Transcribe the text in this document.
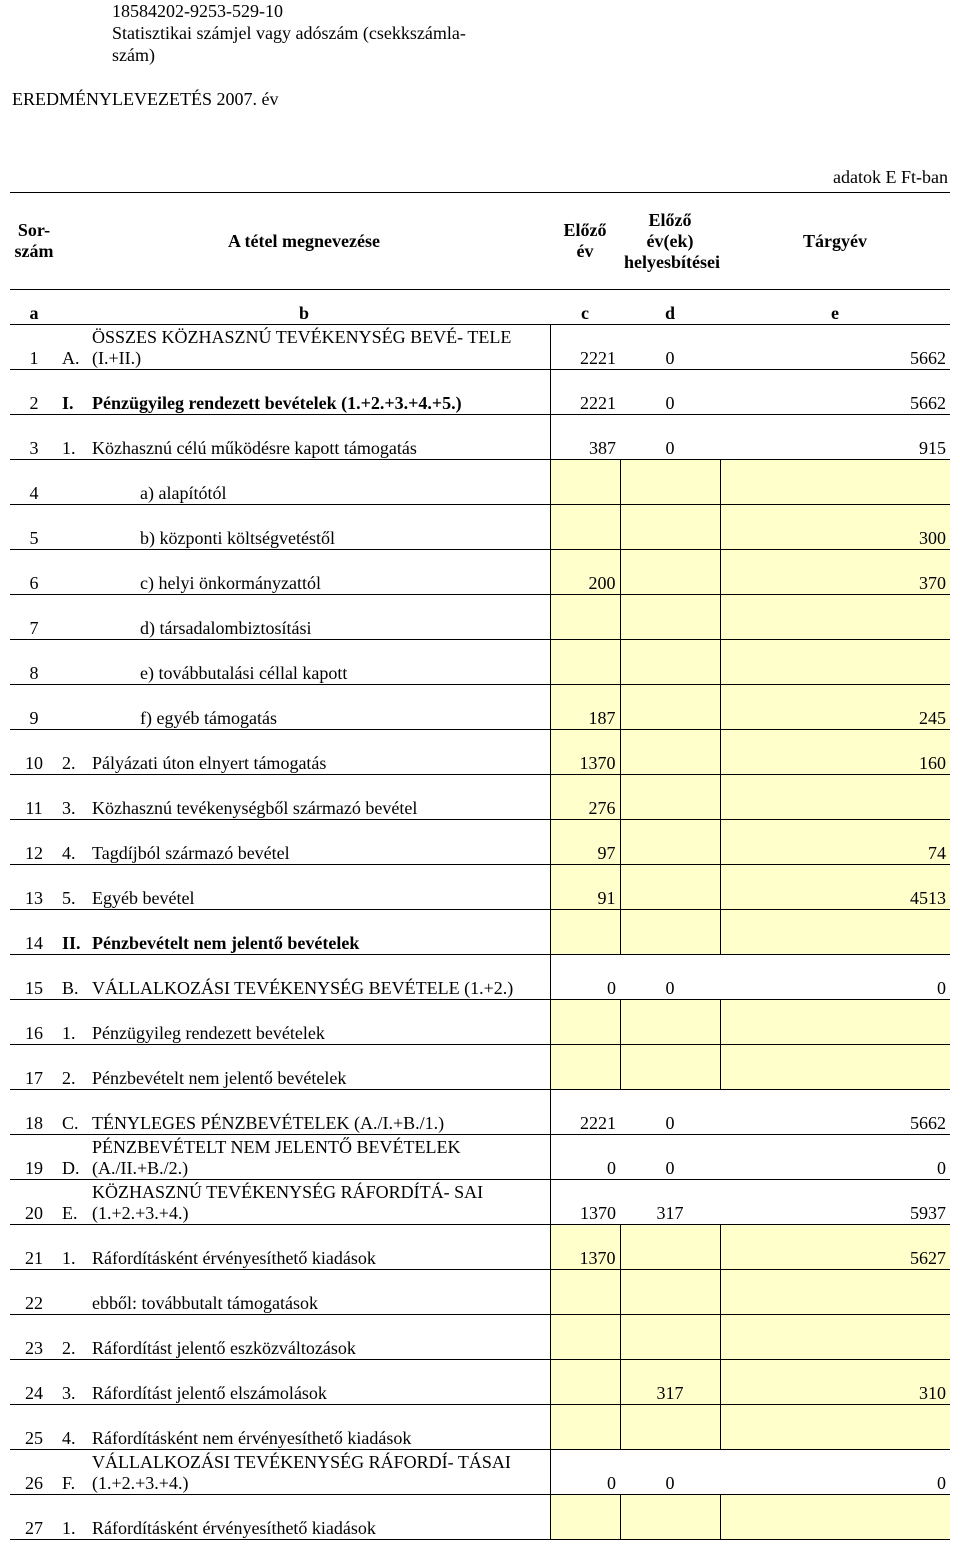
18584202-9253-529-10
Statisztikai számjel vagy adószám (csekkszámla-
szám)
EREDMÉNYLEVEZETÉS 2007. év
adatok E Ft-ban
Sor-szám	A tétel megnevezése	Előző év	Előző év(ek) helyesbítései	Tárgyév
a	b	c	d	e
1	A.ÖSSZES KÖZHASZNÚ TEVÉKENYSÉG BEVÉ- TELE (I.+II.)	2221	0	5662
2	I. Pénzügyileg rendezett bevételek (1.+2.+3.+4.+5.)	2221	0	5662
3	1. Közhasznú célú működésre kapott támogatás	387	0	915
4	a) alapítótól			
5	b) központi költségvetéstől			300
6	c) helyi önkormányzattól	200		370
7	d) társadalombiztosítási			
8	e) továbbutalási céllal kapott			
9	f) egyéb támogatás	187		245
10	2. Pályázati úton elnyert támogatás	1370		160
11	3. Közhasznú tevékenységből származó bevétel	276		
12	4. Tagdíjból származó bevétel	97		74
13	5. Egyéb bevétel	91		4513
14	II. Pénzbevételt nem jelentő bevételek			
15	B. VÁLLALKOZÁSI TEVÉKENYSÉG BEVÉTELE (1.+2.)	0	0	0
16	1. Pénzügyileg rendezett bevételek			
17	2. Pénzbevételt nem jelentő bevételek			
18	C. TÉNYLEGES PÉNZBEVÉTELEK (A./I.+B./1.)	2221	0	5662
19	D.PÉNZBEVÉTELT NEM JELENTŐ BEVÉTELEK (A./II.+B./2.)	0	0	0
20	E.KÖZHASZNÚ TEVÉKENYSÉG RÁFORDÍTÁ- SAI (1.+2.+3.+4.)	1370	317	5937
21	1. Ráfordításként érvényesíthető kiadások	1370		5627
22	ebből: továbbutalt támogatások			
23	2. Ráfordítást jelentő eszközváltozások			
24	3. Ráfordítást jelentő elszámolások		317	310
25	4. Ráfordításként nem érvényesíthető kiadások			
26	F.VÁLLALKOZÁSI TEVÉKENYSÉG RÁFORDÍ- TÁSAI (1.+2.+3.+4.)	0	0	0
27	1. Ráfordításként érvényesíthető kiadások			
